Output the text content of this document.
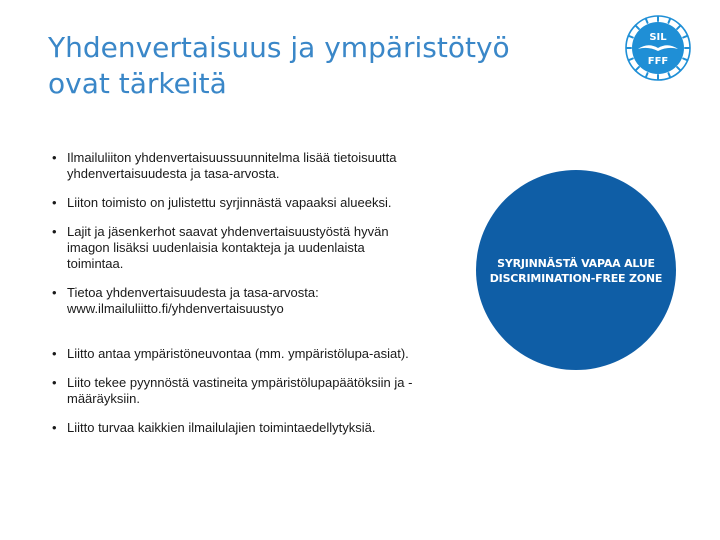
Yhdenvertaisuus ja ympäristötyö
ovat tärkeitä
SIL
FFF
• Ilmailuliiton yhdenvertaisuussuunnitelma lisää tietoisuutta yhdenvertaisuudesta ja tasa-arvosta.
• Liiton toimisto on julistettu syrjinnästä vapaaksi alueeksi.
• Lajit ja jäsenkerhot saavat yhdenvertaisuustyöstä hyvän imagon lisäksi uudenlaisia kontakteja ja uudenlaista toimintaa.
• Tietoa yhdenvertaisuudesta ja tasa-arvosta: www.ilmailuliitto.fi/yhdenvertaisuustyo
• Liitto antaa ympäristöneuvontaa (mm. ympäristölupa-asiat).
• Liito tekee pyynnöstä vastineita ympäristölupapäätöksiin ja -määräyksiin.
• Liitto turvaa kaikkien ilmailulajien toimintaedellytyksiä.
SYRJINNÄSTÄ VAPAA ALUE
DISCRIMINATION-FREE ZONE
